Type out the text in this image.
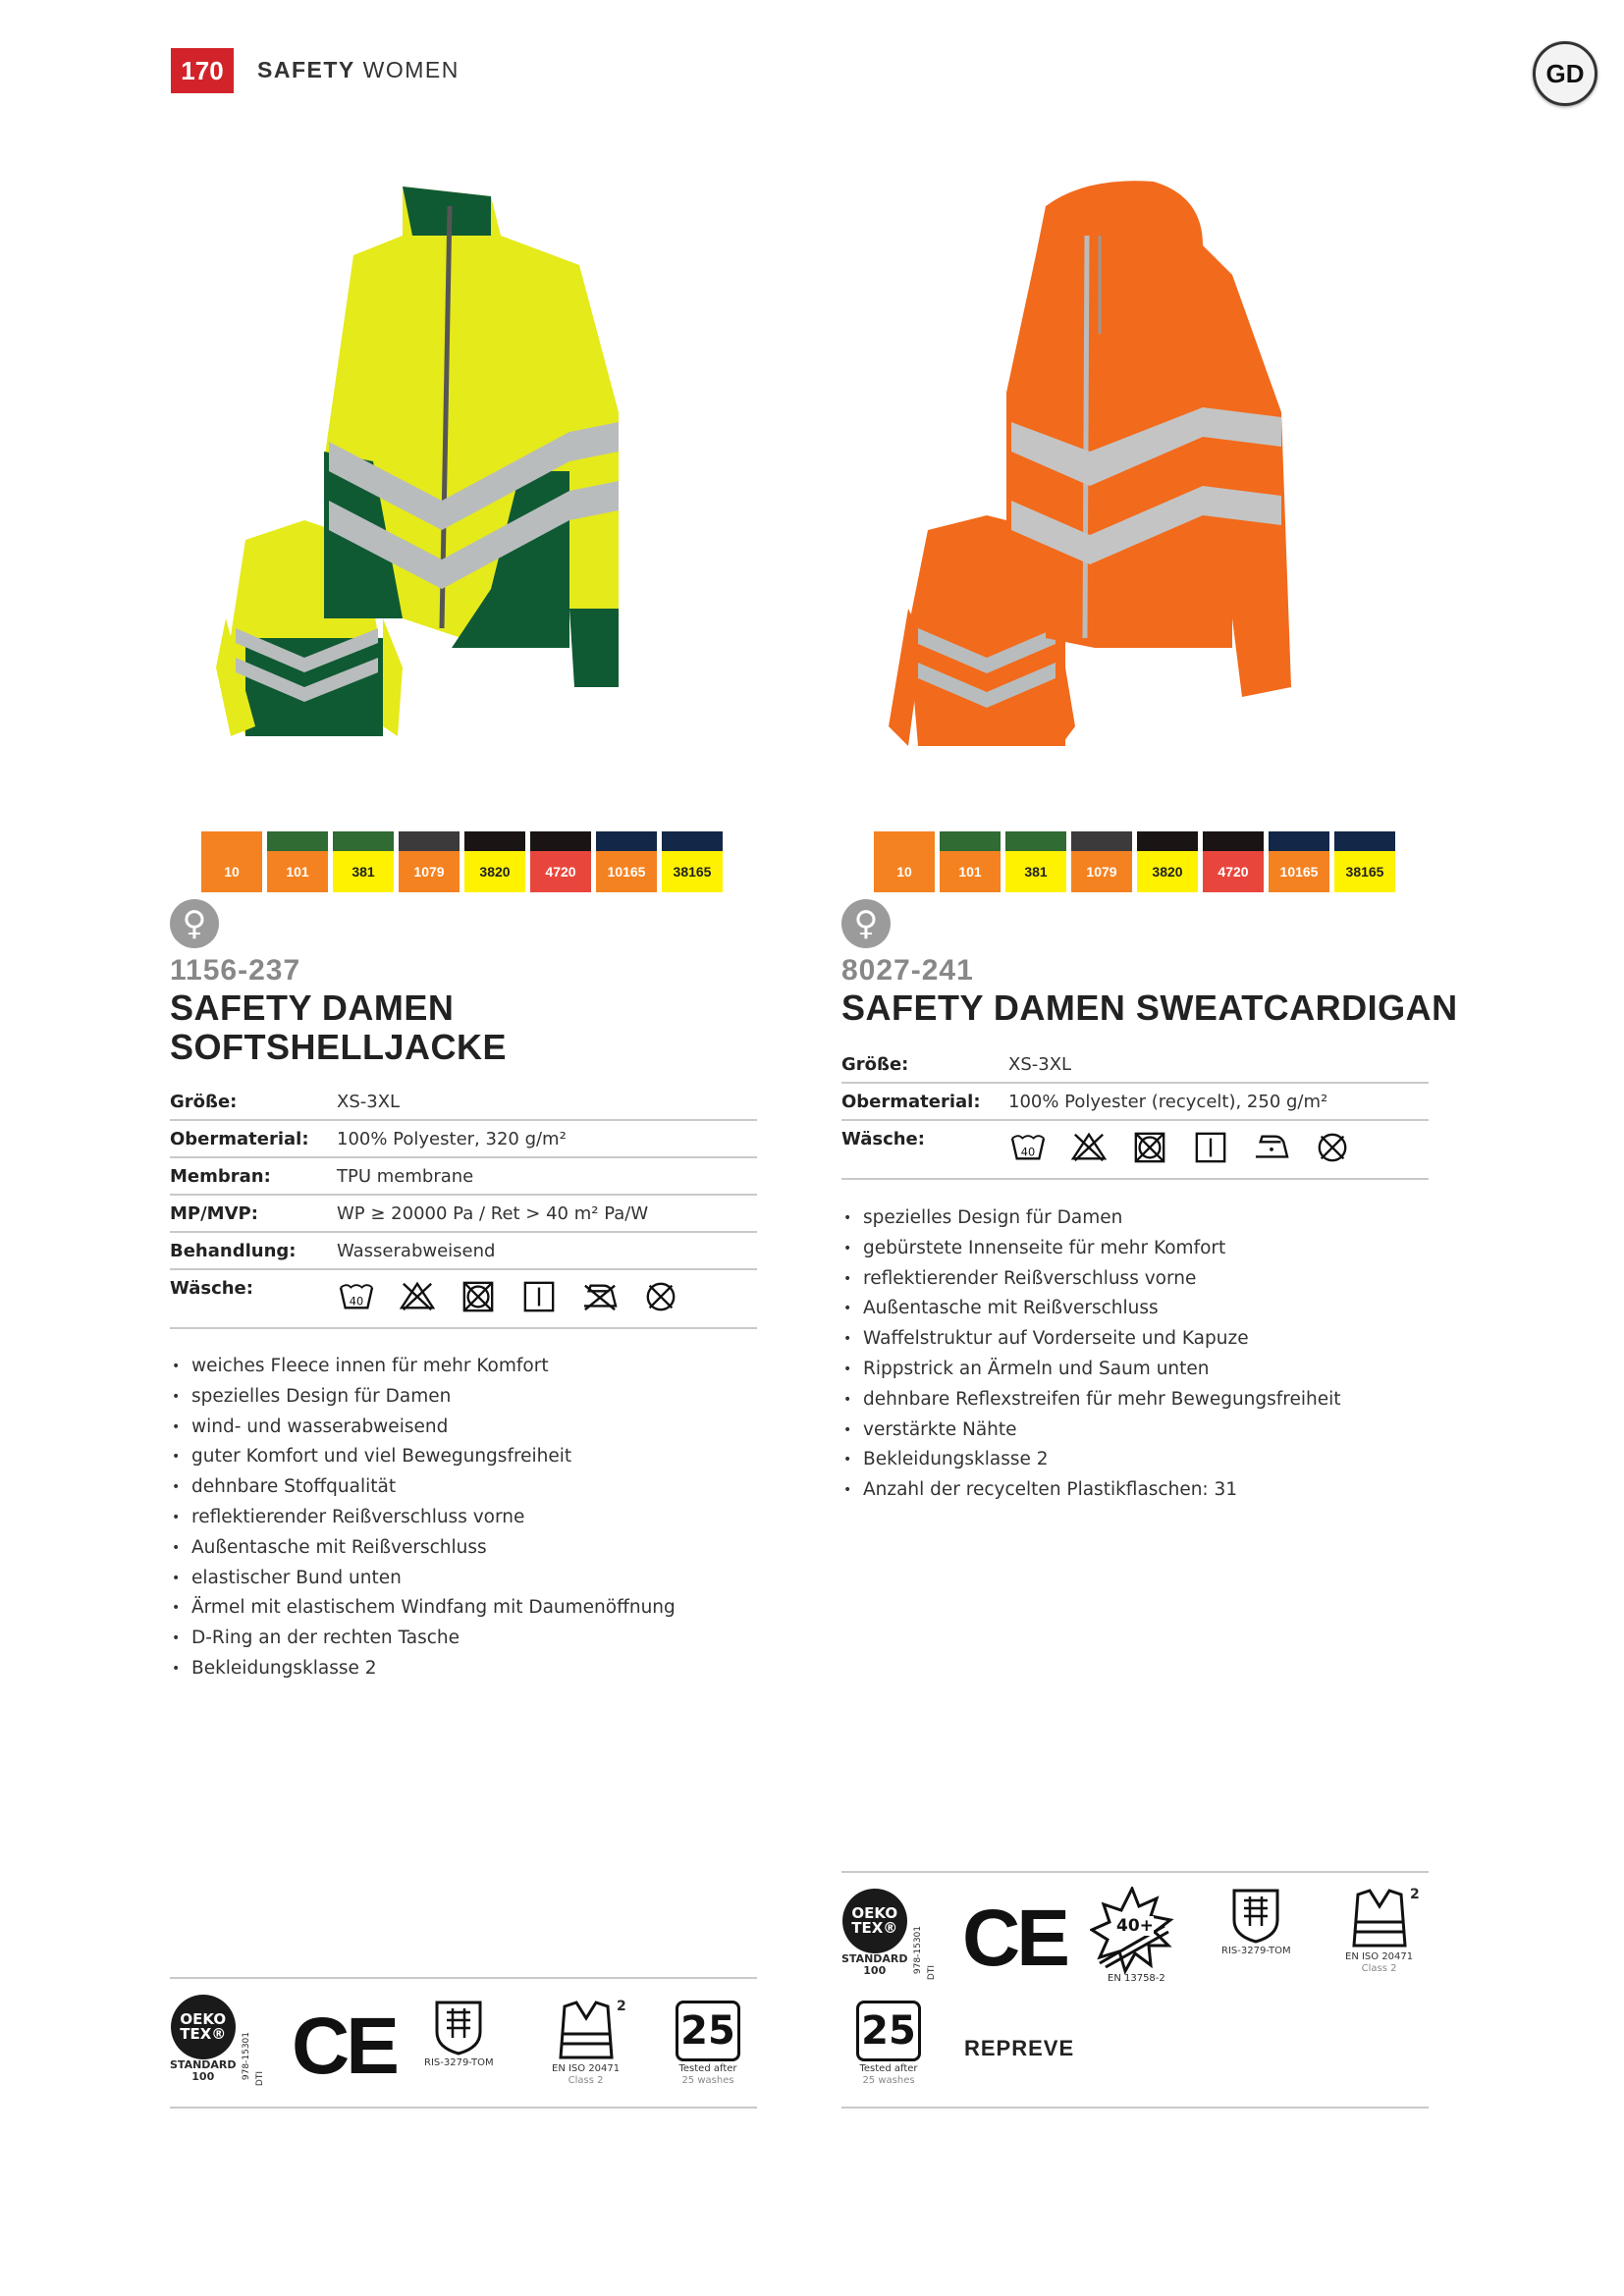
170	SAFETY WOMEN	GD
10	101	381	1079	3820	4720	10165	38165	10	101	381	1079	3820	4720	10165	38165
♀
1156-237
SAFETY DAMEN
SOFTSHELLJACKE
Größe:	XS-3XL
Obermaterial:	100% Polyester, 320 g/m²
Membran:	TPU membrane
MP/MVP:	WP ≥ 20000 Pa / Ret > 40 m² Pa/W
Behandlung:	Wasserabweisend
Wäsche:
40
• weiches Fleece innen für mehr Komfort
• spezielles Design für Damen
• wind- und wasserabweisend
• guter Komfort und viel Bewegungsfreiheit
• dehnbare Stoffqualität
• reflektierender Reißverschluss vorne
• Außentasche mit Reißverschluss
• elastischer Bund unten
• Ärmel mit elastischem Windfang mit Daumenöffnung
• D-Ring an der rechten Tasche
• Bekleidungsklasse 2
♀
8027-241
SAFETY DAMEN SWEATCARDIGAN
Größe:	XS-3XL
Obermaterial:	100% Polyester (recycelt), 250 g/m²
Wäsche:
40
• spezielles Design für Damen
• gebürstete Innenseite für mehr Komfort
• reflektierender Reißverschluss vorne
• Außentasche mit Reißverschluss
• Waffelstruktur auf Vorderseite und Kapuze
• Rippstrick an Ärmeln und Saum unten
• dehnbare Reflexstreifen für mehr Bewegungsfreiheit
• verstärkte Nähte
• Bekleidungsklasse 2
• Anzahl der recycelten Plastikflaschen: 31
OEKO TEX®
STANDARD
100	978-15301 DTI CE	RIS-3279-TOM
EN ISO 20471
Class 2
2
25
Tested after
25 washes
OEKO TEX®
STANDARD
100	978-15301 DTI CE	40+
EN 13758-2
RIS-3279-TOM
EN ISO 20471
Class 2
2
25
Tested after
25 washes
REPREVE
